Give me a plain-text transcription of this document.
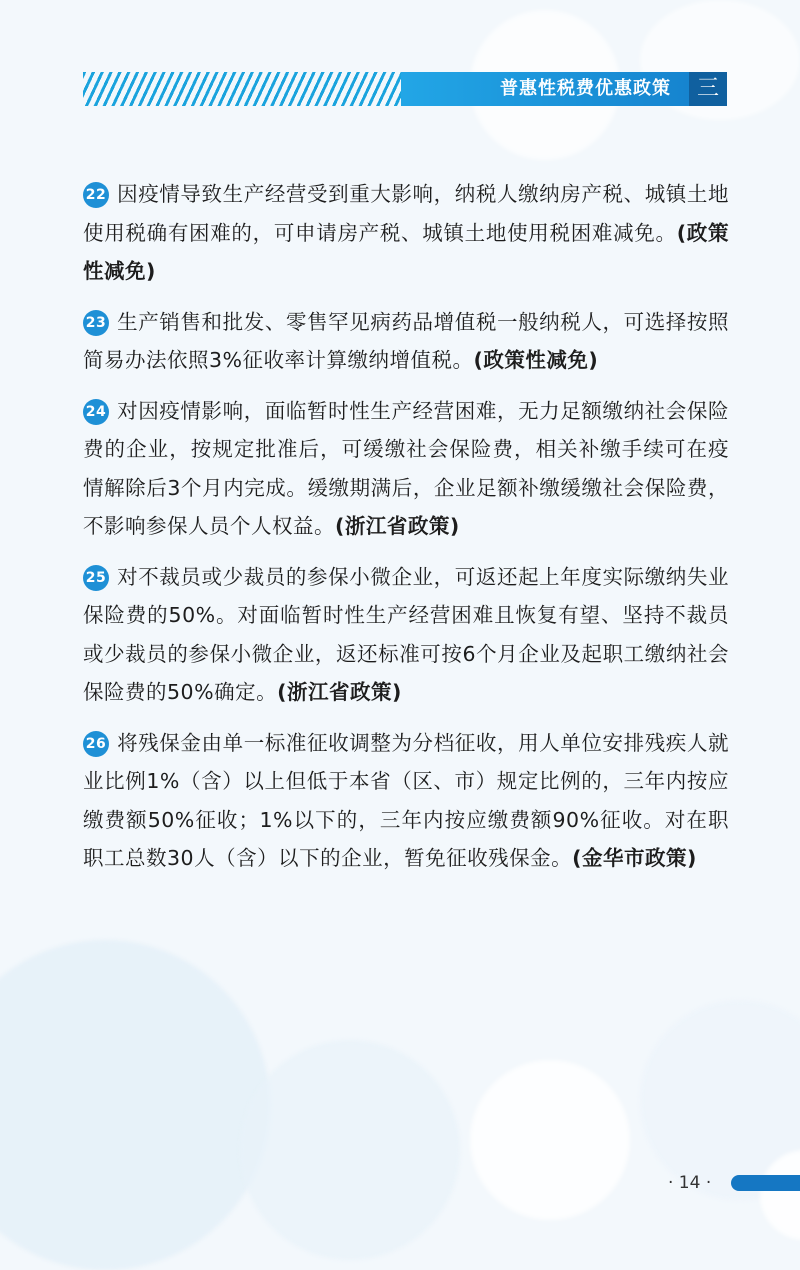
普惠性税费优惠政策	三

22 因疫情导致生产经营受到重大影响，纳税人缴纳房产税、城镇土地使用税确有困难的，可申请房产税、城镇土地使用税困难减免。(政策性减免)

23 生产销售和批发、零售罕见病药品增值税一般纳税人，可选择按照简易办法依照3%征收率计算缴纳增值税。(政策性减免)

24 对因疫情影响，面临暂时性生产经营困难，无力足额缴纳社会保险费的企业，按规定批准后，可缓缴社会保险费，相关补缴手续可在疫情解除后3个月内完成。缓缴期满后，企业足额补缴缓缴社会保险费，不影响参保人员个人权益。(浙江省政策)

25 对不裁员或少裁员的参保小微企业，可返还起上年度实际缴纳失业保险费的50%。对面临暂时性生产经营困难且恢复有望、坚持不裁员或少裁员的参保小微企业，返还标准可按6个月企业及起职工缴纳社会保险费的50%确定。(浙江省政策)

26 将残保金由单一标准征收调整为分档征收，用人单位安排残疾人就业比例1%（含）以上但低于本省（区、市）规定比例的，三年内按应缴费额50%征收；1%以下的，三年内按应缴费额90%征收。对在职职工总数30人（含）以下的企业，暂免征收残保金。(金华市政策)

· 14 ·
